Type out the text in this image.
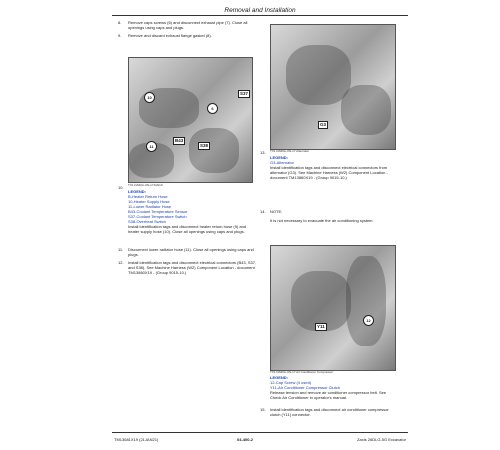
Removal and Installation
8.	Remove caps screws (6) and disconnect exhaust pipe (7). Close all openings using caps and plugs.
9.	Remove and discard exhaust flange gasket (8).
S37
10
6
B43
11	S38
TX1 DA60A-UN-17JAN19
10.
LEGEND:
B-Heater Return Hose
10-Heater Supply Hose
11-Lower Radiator Hose
B43-Coolant Temperature Sensor
S37-Coolant Temperature Switch
S38-Overheat Switch
Install identification tags and disconnect heater return hose (9) and heater supply hose (10). Close all openings using caps and plugs.
11.	Disconnect lower radiator hose (11). Close all openings using caps and plugs.
12.	Install identification tags and disconnect electrical connectors (B43, S37, and S38). See Machine Harness (W2) Component Location - document TM13860X19 - (Group 9015-10.)
G3
TX1 DA60A-UN-17 Alternator
13.
LEGEND:
G3-Alternator
Install identification tags and disconnect electrical connectors from alternator (G3). See Machine Harness (W2) Component Location - document TM13860X19 - (Group 9015-10.)
14.	NOTE:
It is not necessary to evacuate the air conditioning system.
12
Y11
TX1 DA60A-UN-17 Air Conditioner Compressor
LEGEND:
12-Cap Screw (4 used)
Y11-Air Conditioner Compressor Clutch
Release tension and remove air conditioner compressor belt. See Check Air Conditioner in operator's manual.
15.	Install identification tags and disconnect air conditioner compressor clutch (Y11) connector.
TM13681X19 (21JAN21)	04-400-2	Zaxis 26DLG-5G Excavator
